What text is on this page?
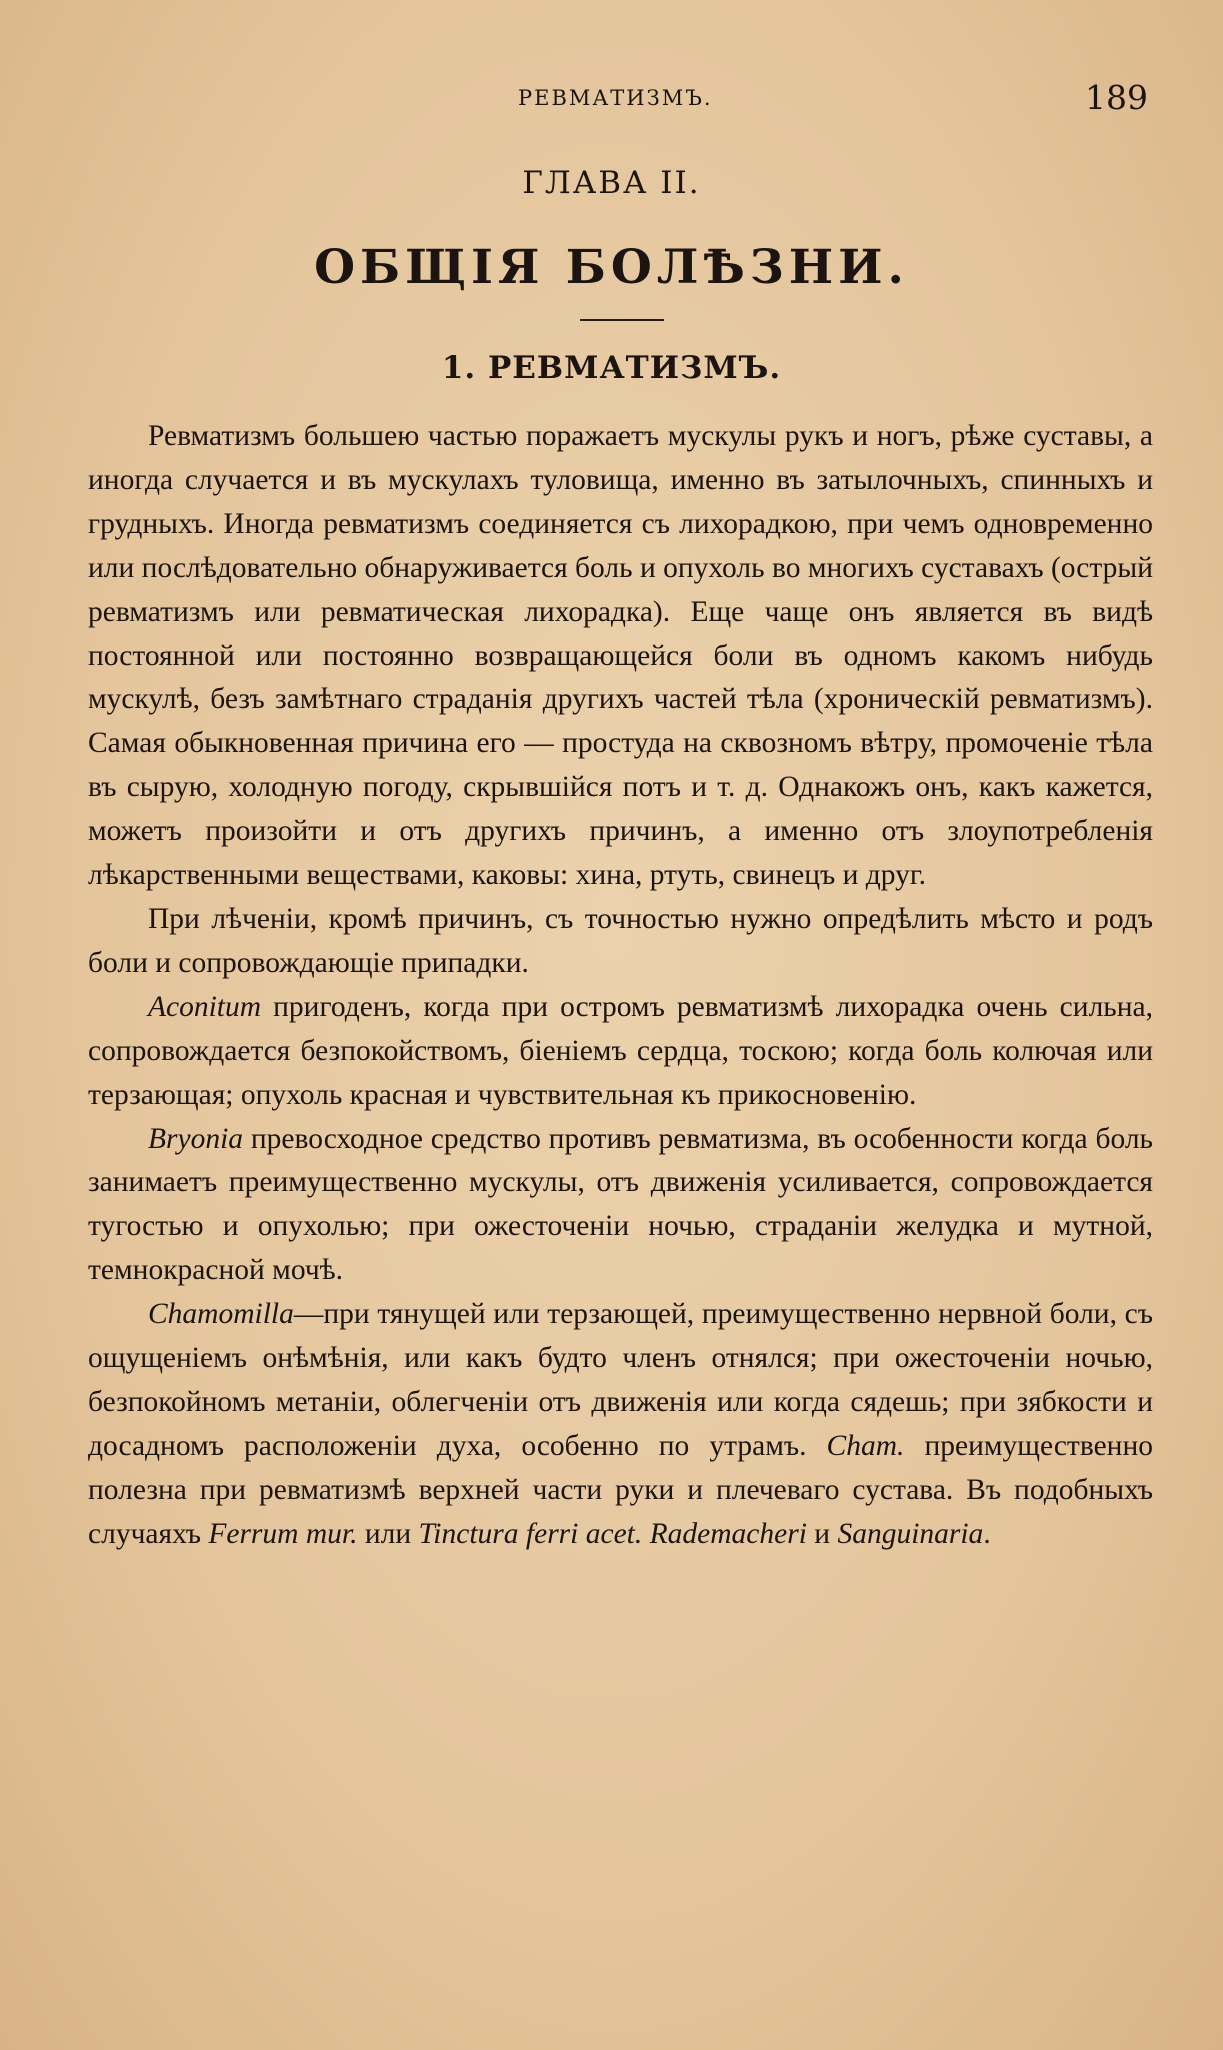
РЕВМАТИЗМЪ.	189
ГЛАВА II.
ОБЩІЯ БОЛѢЗНИ.
1. РЕВМАТИЗМЪ.

Ревматизмъ большею частью поражаетъ мускулы рукъ и ногъ, рѣже суставы, а иногда случается и въ мускулахъ туловища, именно въ затылочныхъ, спинныхъ и грудныхъ. Иногда ревматизмъ соединяется съ лихорадкою, при чемъ одновременно или послѣдовательно обнаруживается боль и опухоль во многихъ суставахъ (острый ревматизмъ или ревматическая лихорадка). Еще чаще онъ является въ видѣ постоянной или постоянно возвращающейся боли въ одномъ какомъ нибудь мускулѣ, безъ замѣтнаго страданія другихъ частей тѣла (хроническій ревматизмъ). Самая обыкновенная причина его — простуда на сквозномъ вѣтру, промоченіе тѣла въ сырую, холодную погоду, скрывшійся потъ и т. д. Однакожъ онъ, какъ кажется, можетъ произойти и отъ другихъ причинъ, а именно отъ злоупотребленія лѣкарственными веществами, каковы: хина, ртуть, свинецъ и друг.

При лѣченіи, кромѣ причинъ, съ точностью нужно опредѣлить мѣсто и родъ боли и сопровождающіе припадки.

Aconitum пригоденъ, когда при остромъ ревматизмѣ лихорадка очень сильна, сопровождается безпокойствомъ, біеніемъ сердца, тоскою; когда боль колючая или терзающая; опухоль красная и чувствительная къ прикосновенію.

Bryonia превосходное средство противъ ревматизма, въ особенности когда боль занимаетъ преимущественно мускулы, отъ движенія усиливается, сопровождается тугостью и опухолью; при ожесточеніи ночью, страданіи желудка и мутной, темнокрасной мочѣ.

Chamomilla—при тянущей или терзающей, преимущественно нервной боли, съ ощущеніемъ онѣмѣнія, или какъ будто членъ отнялся; при ожесточеніи ночью, безпокойномъ метаніи, облегченіи отъ движенія или когда сядешь; при зябкости и досадномъ расположеніи духа, особенно по утрамъ. Cham. преимущественно полезна при ревматизмѣ верхней части руки и плечеваго сустава. Въ подобныхъ случаяхъ Ferrum mur. или Tinctura ferri acet. Rademacheri и Sanguinaria.
